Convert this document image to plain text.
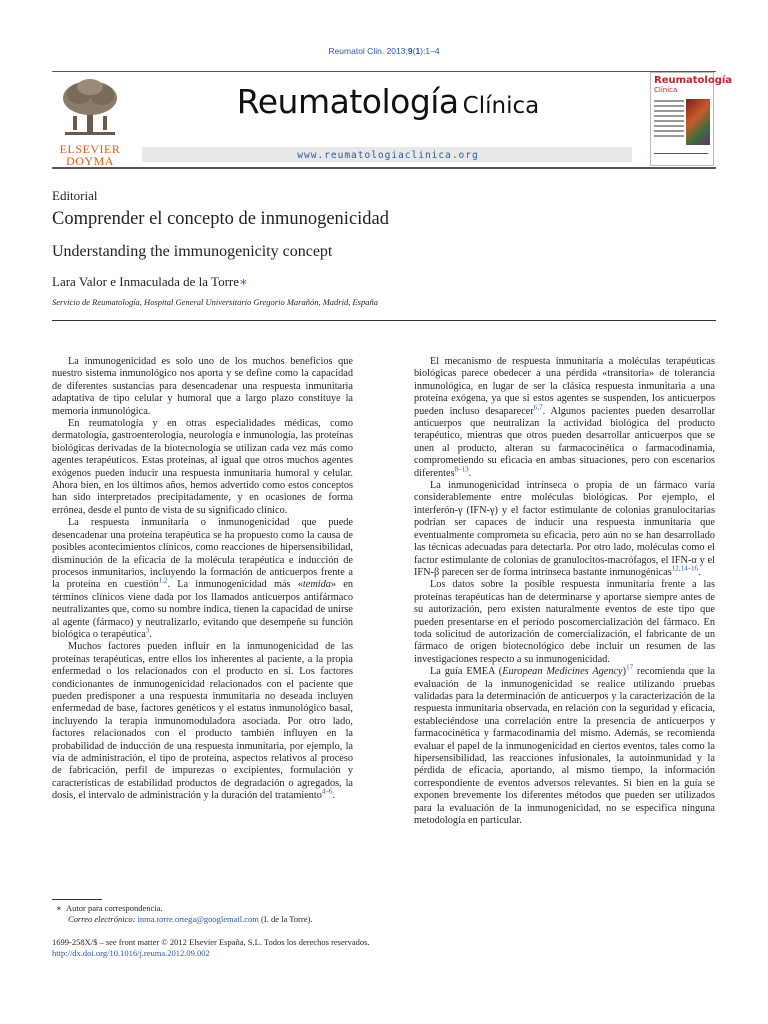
Reumatol Clin. 2013;9(1):1–4
ELSEVIER
DOYMA
Reumatología Clínica
www.reumatologiaclinica.org
Reumatología
Clínica
Editorial
Comprender el concepto de inmunogenicidad
Understanding the immunogenicity concept
Lara Valor e Inmaculada de la Torre∗
Servicio de Reumatología, Hospital General Universitario Gregorio Marañón, Madrid, España

La inmunogenicidad es solo uno de los muchos beneficios que nuestro sistema inmunológico nos aporta y se define como la capacidad de diferentes sustancias para desencadenar una respuesta inmunitaria adaptativa de tipo celular y humoral que a largo plazo constituye la memoria inmunológica.

En reumatología y en otras especialidades médicas, como dermatología, gastroenterología, neurología e inmunología, las proteínas biológicas derivadas de la biotecnología se utilizan cada vez más como agentes terapéuticos. Estas proteínas, al igual que otros muchos agentes exógenos pueden inducir una respuesta inmunitaria humoral y celular. Ahora bien, en los últimos años, hemos advertido como estos conceptos han sido interpretados precipitadamente, y en ocasiones de forma errónea, desde el punto de vista de su significado clínico.

La respuesta inmunitaria o inmunogenicidad que puede desencadenar una proteína terapéutica se ha propuesto como la causa de posibles acontecimientos clínicos, como reacciones de hipersensibilidad, disminución de la eficacia de la molécula terapéutica e inducción de procesos inmunitarios, incluyendo la formación de anticuerpos frente a la proteína en cuestión$^{1,2}$. La inmunogenicidad más «temida» en términos clínicos viene dada por los llamados anticuerpos antifármaco neutralizantes que, como su nombre indica, tienen la capacidad de unirse al agente (fármaco) y neutralizarlo, evitando que desempeñe su función biológica o terapéutica$^3$.

Muchos factores pueden influir en la inmunogenicidad de las proteínas terapéuticas, entre ellos los inherentes al paciente, a la propia enfermedad o los relacionados con el producto en sí. Los factores condicionantes de inmunogenicidad relacionados con el paciente que pueden predisponer a una respuesta inmunitaria no deseada incluyen enfermedad de base, factores genéticos y el estatus inmunológico basal, incluyendo la terapia inmunomoduladora asociada. Por otro lado, factores relacionados con el producto también influyen en la probabilidad de inducción de una respuesta inmunitaria, por ejemplo, la vía de administración, el tipo de proteína, aspectos relativos al proceso de fabricación, perfil de impurezas o excipientes, formulación y características de estabilidad productos de degradación o agregados, la dosis, el intervalo de administración y la duración del tratamiento$^{4-6}$.

El mecanismo de respuesta inmunitaria a moléculas terapéuticas biológicas parece obedecer a una pérdida «transitoria» de tolerancia inmunológica, en lugar de ser la clásica respuesta inmunitaria a una proteína exógena, ya que si estos agentes se suspenden, los anticuerpos pueden incluso desaparecer$^{6,7}$. Algunos pacientes pueden desarrollar anticuerpos que neutralizan la actividad biológica del producto terapéutico, mientras que otros pueden desarrollar anticuerpos que se unen al producto, alteran su farmacocinética o farmacodinamia, comprometiendo su eficacia en ambas situaciones, pero con escenarios diferentes$^{8-13}$.

La inmunogenicidad intrínseca o propia de un fármaco varía considerablemente entre moléculas biológicas. Por ejemplo, el interferón-γ (IFN-γ) y el factor estimulante de colonias granulocitarias podrían ser capaces de inducir una respuesta inmunitaria que eventualmente comprometa su eficacia, pero aún no se han desarrollado las técnicas adecuadas para detectarla. Por otro lado, moléculas como el factor estimulante de colonias de granulocitos-macrófagos, el IFN-α y el IFN-β parecen ser de forma intrínseca bastante inmunogénicas$^{12,14-16}$.

Los datos sobre la posible respuesta inmunitaria frente a las proteínas terapéuticas han de determinarse y aportarse siempre antes de su autorización, pero existen naturalmente eventos de este tipo que pueden presentarse en el período poscomercialización del fármaco. En toda solicitud de autorización de comercialización, el fabricante de un fármaco de origen biotecnológico debe incluir un resumen de las investigaciones respecto a su inmunogenicidad.

La guía EMEA (European Medicines Agency)$^{17}$ recomienda que la evaluación de la inmunogenicidad se realice utilizando pruebas validadas para la determinación de anticuerpos y la caracterización de la respuesta inmunitaria observada, en relación con la seguridad y eficacia, estableciéndose una correlación entre la presencia de anticuerpos y farmacocinética y farmacodinamia del mismo. Además, se recomienda evaluar el papel de la inmunogenicidad en ciertos eventos, tales como la hipersensibilidad, las reacciones infusionales, la autoinmunidad y la pérdida de eficacia, aportando, al mismo tiempo, la información correspondiente de eventos adversos relevantes. Si bien en la guía se exponen brevemente los diferentes métodos que pueden ser utilizados para la evaluación de la inmunogenicidad, no se especifica ninguna metodología en particular.

∗ Autor para correspondencia.
Correo electrónico: inma.torre.ortega@googlemail.com (I. de la Torre).
1699-258X/$ – see front matter © 2012 Elsevier España, S.L. Todos los derechos reservados.
http://dx.doi.org/10.1016/j.reuma.2012.09.002
